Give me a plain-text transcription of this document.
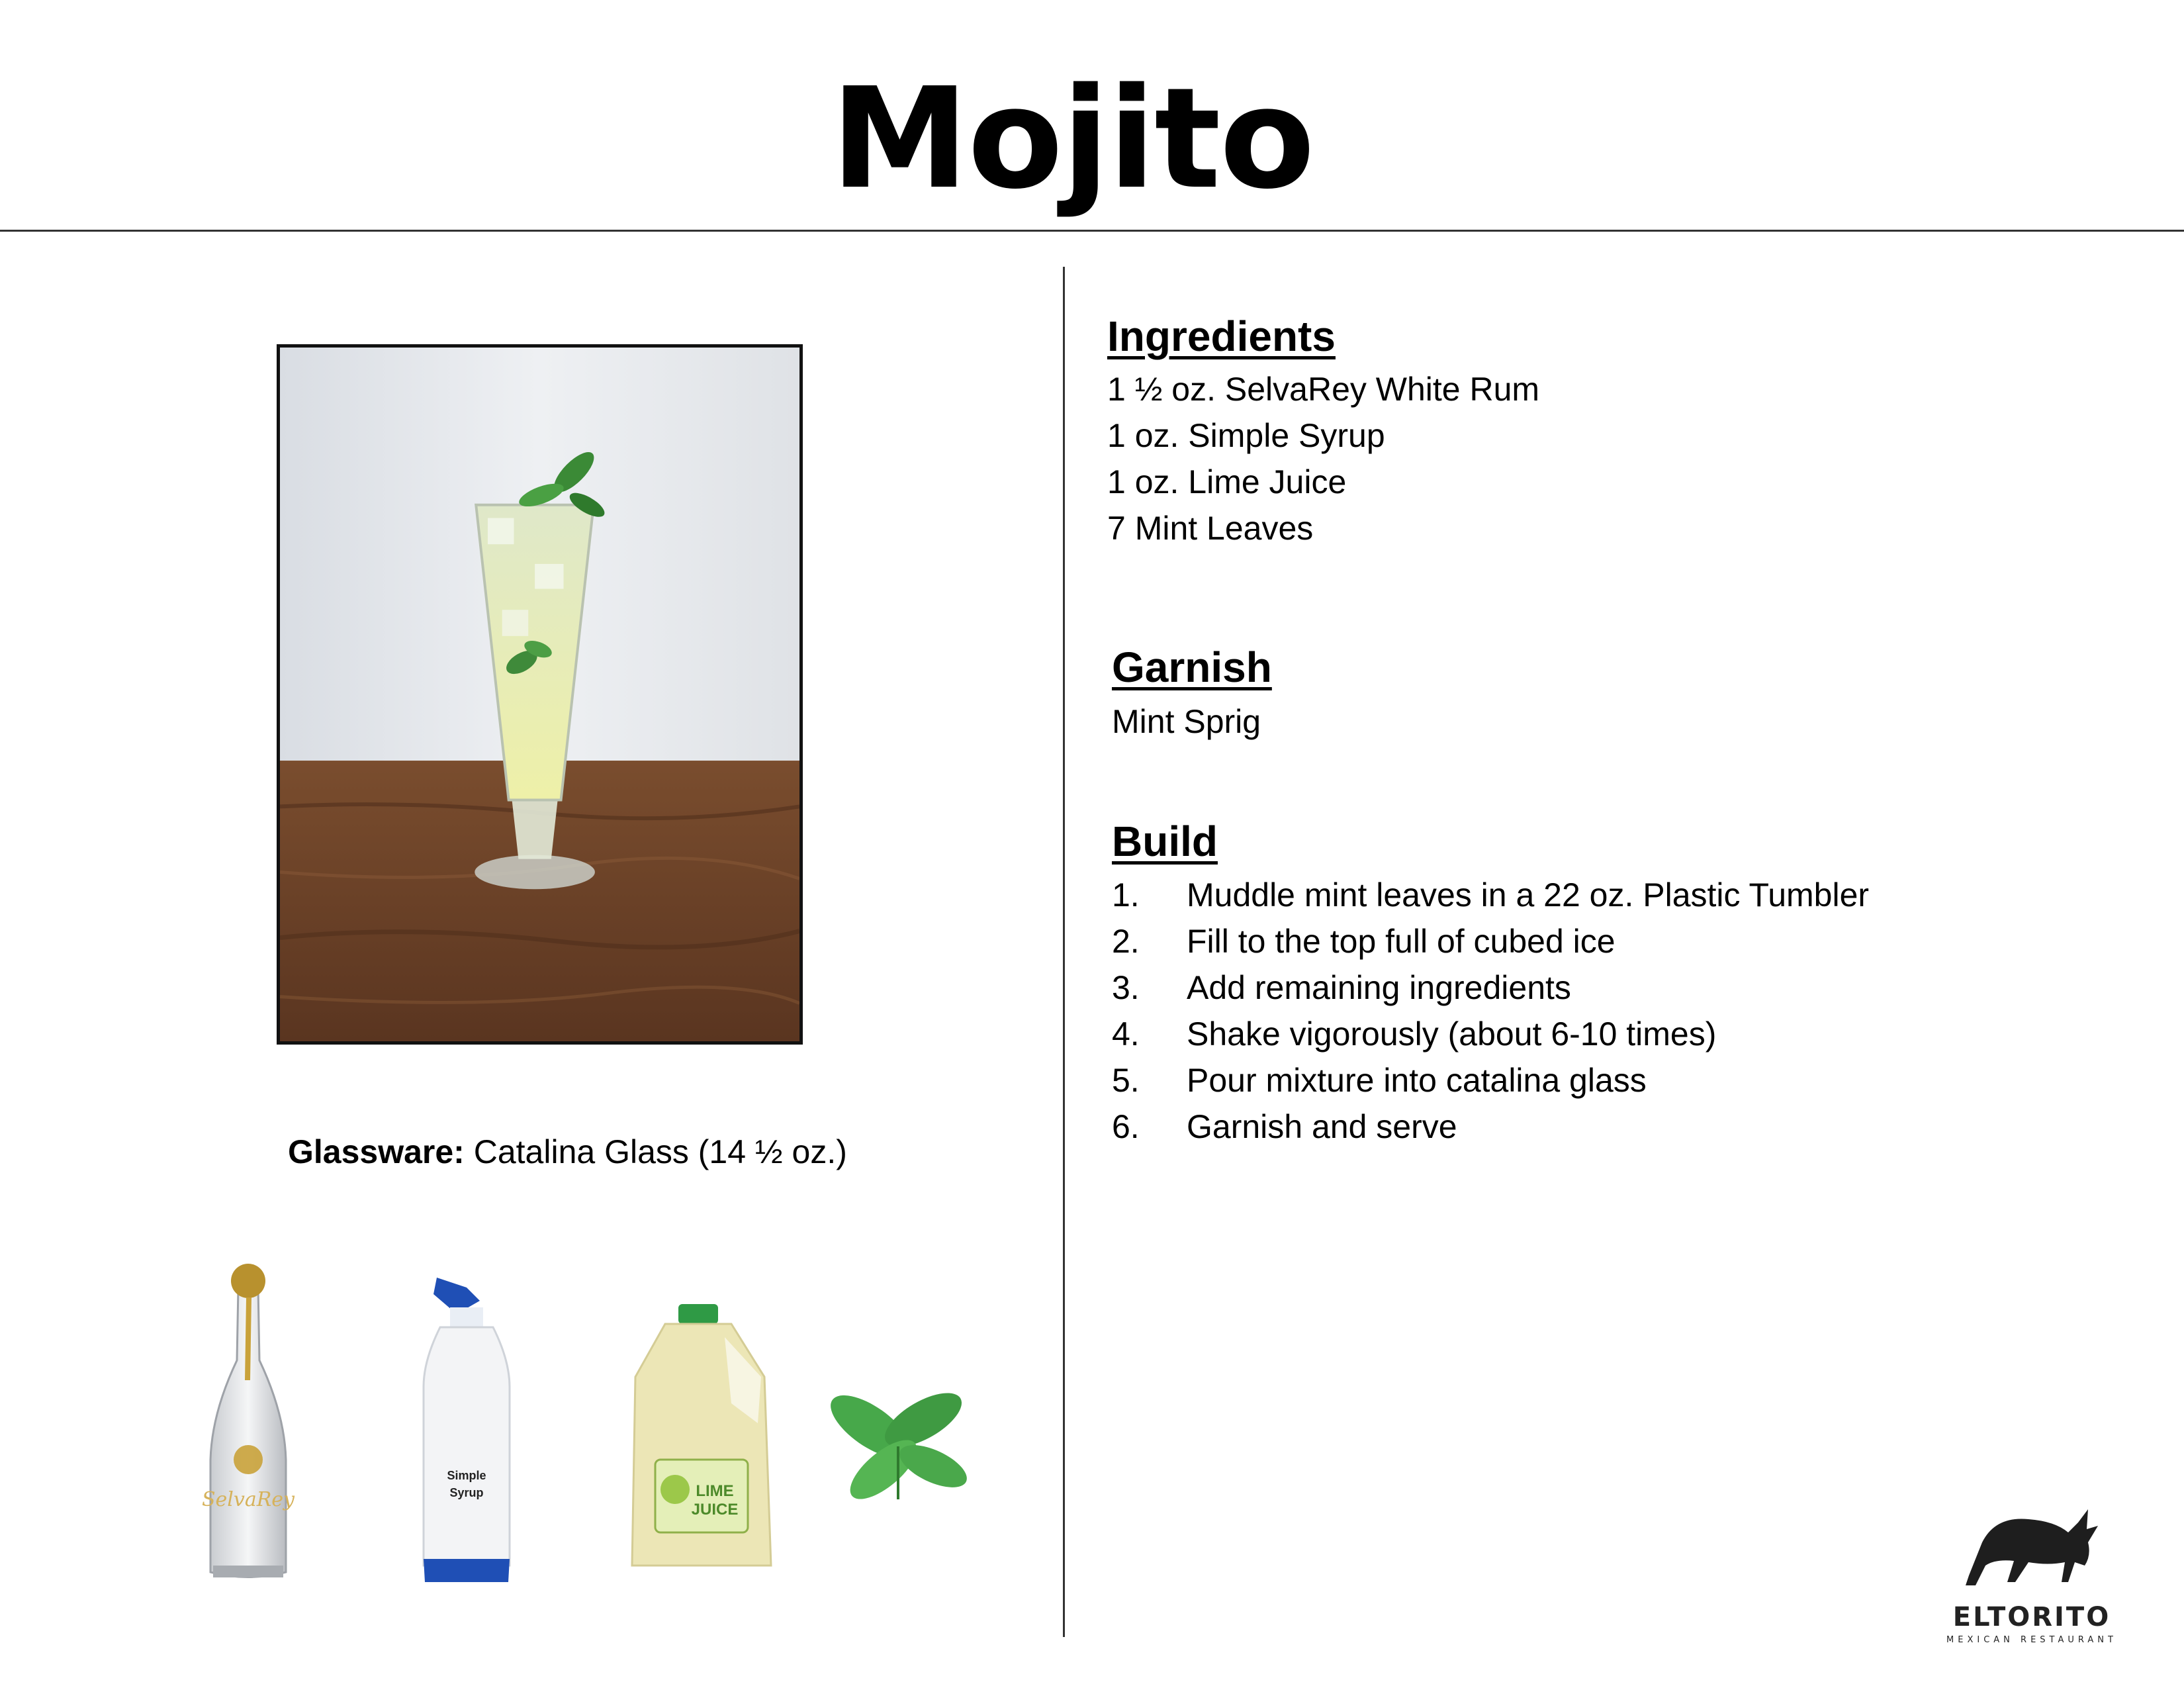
Mojito
Glassware: Catalina Glass (14 ½ oz.)
Ingredients
1 ½ oz. SelvaRey White Rum
1 oz. Simple Syrup
1 oz. Lime Juice
7 Mint Leaves
Garnish
Mint Sprig
Build
1. Muddle mint leaves in a 22 oz. Plastic Tumbler
2. Fill to the top full of cubed ice
3. Add remaining ingredients
4. Shake vigorously (about 6-10 times)
5. Pour mixture into catalina glass
6. Garnish and serve
SelvaRey
Simple
Syrup	LIME
JUICE
ELTORITO
MEXICAN RESTAURANT
